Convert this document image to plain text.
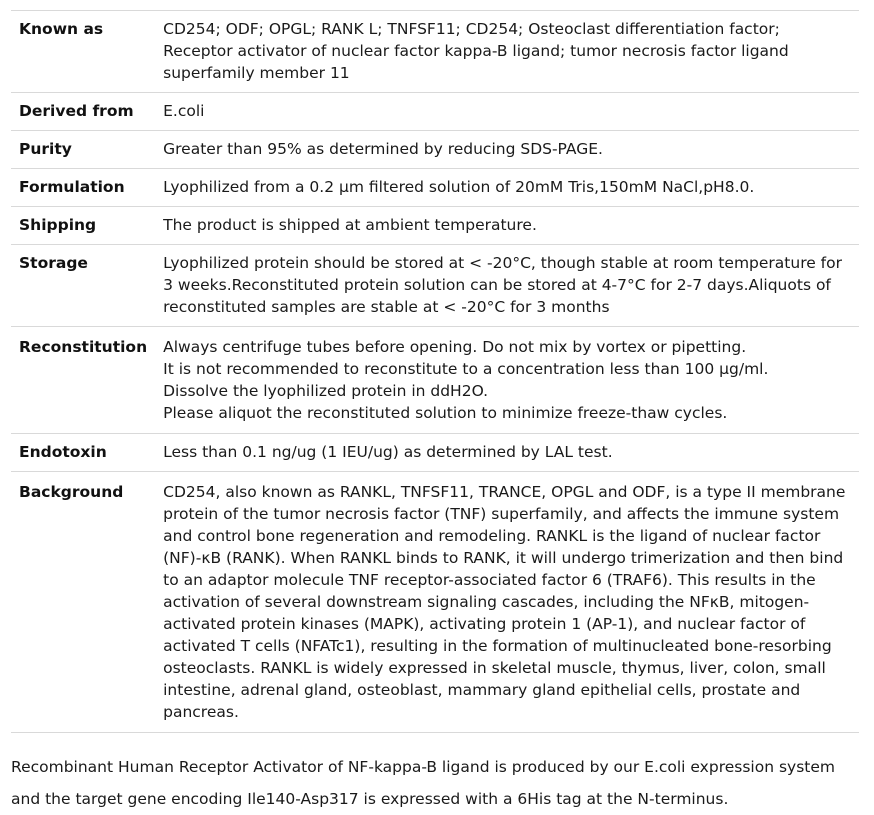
Known as	CD254; ODF; OPGL; RANK L; TNFSF11; CD254; Osteoclast differentiation factor; Receptor activator of nuclear factor kappa-B ligand; tumor necrosis factor ligand superfamily member 11
Derived from	E.coli
Purity	Greater than 95% as determined by reducing SDS-PAGE.
Formulation	Lyophilized from a 0.2 μm filtered solution of 20mM Tris,150mM NaCl,pH8.0.
Shipping	The product is shipped at ambient temperature.
Storage	Lyophilized protein should be stored at < -20°C, though stable at room temperature for 3 weeks.Reconstituted protein solution can be stored at 4-7°C for 2-7 days.Aliquots of reconstituted samples are stable at < -20°C for 3 months
Reconstitution	Always centrifuge tubes before opening. Do not mix by vortex or pipetting.
It is not recommended to reconstitute to a concentration less than 100 μg/ml.
Dissolve the lyophilized protein in ddH2O.
Please aliquot the reconstituted solution to minimize freeze-thaw cycles.

Endotoxin	Less than 0.1 ng/ug (1 IEU/ug) as determined by LAL test.
Background	CD254, also known as RANKL, TNFSF11, TRANCE, OPGL and ODF, is a type II membrane protein of the tumor necrosis factor (TNF) superfamily, and affects the immune system and control bone regeneration and remodeling. RANKL is the ligand of nuclear factor (NF)-κB (RANK). When RANKL binds to RANK, it will undergo trimerization and then bind to an adaptor molecule TNF receptor-associated factor 6 (TRAF6). This results in the activation of several downstream signaling cascades, including the NFκB, mitogen-activated protein kinases (MAPK), activating protein 1 (AP-1), and nuclear factor of activated T cells (NFATc1), resulting in the formation of multinucleated bone-resorbing osteoclasts. RANKL is widely expressed in skeletal muscle, thymus, liver, colon, small intestine, adrenal gland, osteoblast, mammary gland epithelial cells, prostate and pancreas.

Recombinant Human Receptor Activator of NF-kappa-B ligand is produced by our E.coli expression system and the target gene encoding Ile140-Asp317 is expressed with a 6His tag at the N-terminus.
